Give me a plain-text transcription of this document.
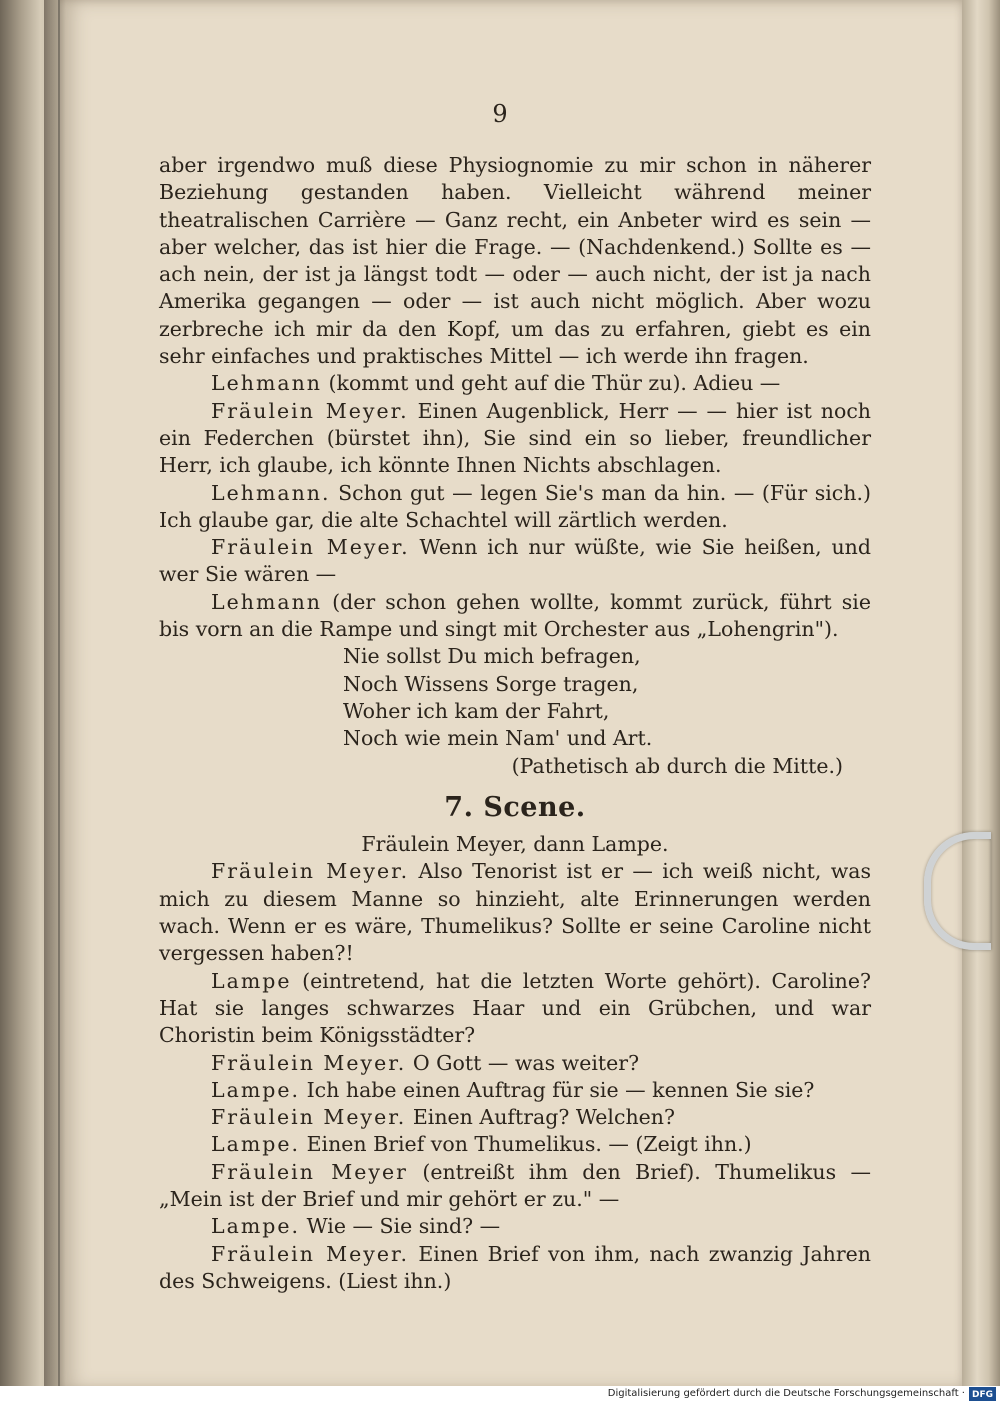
9

aber irgendwo muß diese Physiognomie zu mir schon in näherer Beziehung gestanden haben. Vielleicht während meiner theatralischen Carrière — Ganz recht, ein Anbeter wird es sein — aber welcher, das ist hier die Frage. — (Nachdenkend.) Sollte es — ach nein, der ist ja längst todt — oder — auch nicht, der ist ja nach Amerika gegangen — oder — ist auch nicht möglich. Aber wozu zerbreche ich mir da den Kopf, um das zu erfahren, giebt es ein sehr einfaches und praktisches Mittel — ich werde ihn fragen.

Lehmann (kommt und geht auf die Thür zu). Adieu —

Fräulein Meyer. Einen Augenblick, Herr — — hier ist noch ein Federchen (bürstet ihn), Sie sind ein so lieber, freundlicher Herr, ich glaube, ich könnte Ihnen Nichts abschlagen.

Lehmann. Schon gut — legen Sie's man da hin. — (Für sich.) Ich glaube gar, die alte Schachtel will zärtlich werden.

Fräulein Meyer. Wenn ich nur wüßte, wie Sie heißen, und wer Sie wären —

Lehmann (der schon gehen wollte, kommt zurück, führt sie bis vorn an die Rampe und singt mit Orchester aus „Lohengrin").

Nie sollst Du mich befragen,

Noch Wissens Sorge tragen,

Woher ich kam der Fahrt,

Noch wie mein Nam' und Art.

(Pathetisch ab durch die Mitte.)

7. Scene.

Fräulein Meyer, dann Lampe.

Fräulein Meyer. Also Tenorist ist er — ich weiß nicht, was mich zu diesem Manne so hinzieht, alte Erinnerungen werden wach. Wenn er es wäre, Thumelikus? Sollte er seine Caroline nicht vergessen haben?!

Lampe (eintretend, hat die letzten Worte gehört). Caroline? Hat sie langes schwarzes Haar und ein Grübchen, und war Choristin beim Königsstädter?

Fräulein Meyer. O Gott — was weiter?

Lampe. Ich habe einen Auftrag für sie — kennen Sie sie?

Fräulein Meyer. Einen Auftrag? Welchen?

Lampe. Einen Brief von Thumelikus. — (Zeigt ihn.)

Fräulein Meyer (entreißt ihm den Brief). Thumelikus — „Mein ist der Brief und mir gehört er zu." —

Lampe. Wie — Sie sind? —

Fräulein Meyer. Einen Brief von ihm, nach zwanzig Jahren des Schweigens. (Liest ihn.)

Digitalisierung gefördert durch die Deutsche Forschungsgemeinschaft · DFG
